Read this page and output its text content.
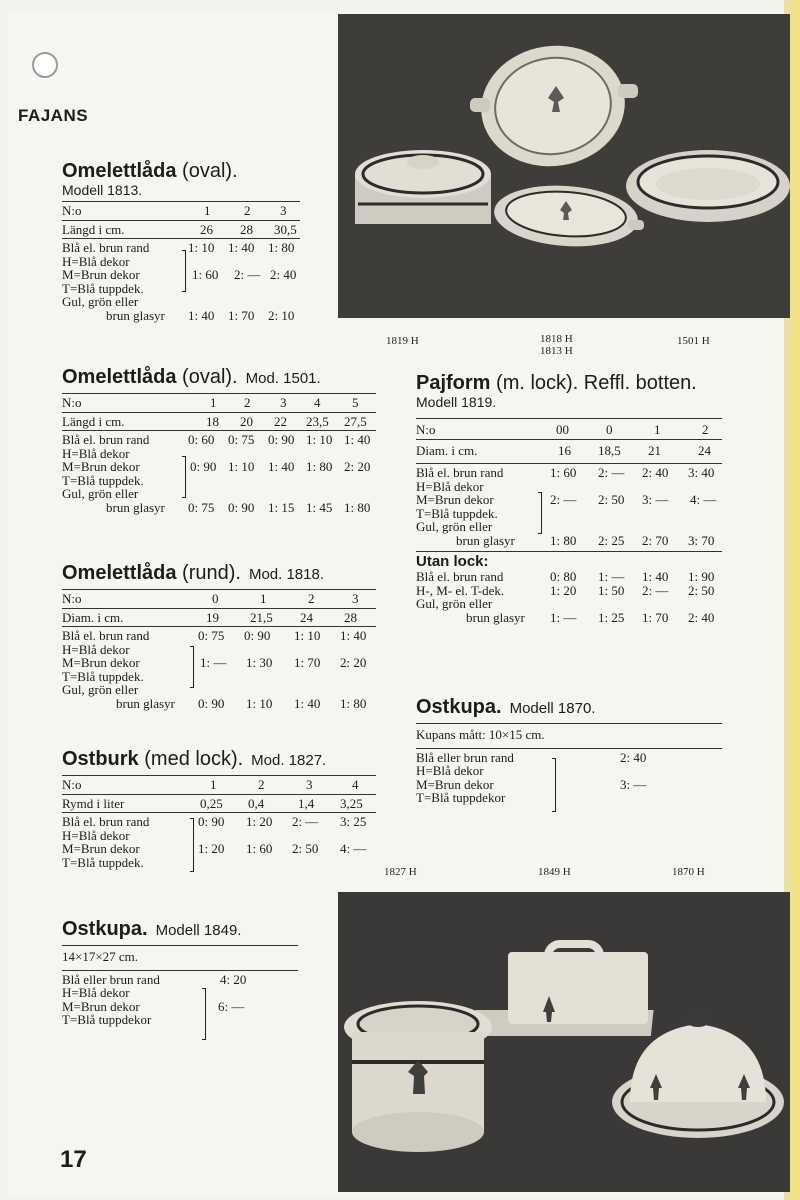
FAJANS
1819 H	1818 H
1813 H
1501 H
Omelettlåda (oval).
Modell 1813.
N:o	1	2 3
Längd i cm.	26 28 30,5
Blå el. brun rand	1: 10 1: 40 1: 80
H=Blå dekor
M=Brun dekor	1: 60 2: — 2: 40
T=Blå tuppdek.
Gul, grön eller
brun glasyr 1: 40 1: 70 2: 10
Omelettlåda (oval). Mod. 1501.
N:o	1 2 3 4 5
Längd i cm.	18 20 22 23,5 27,5
Blå el. brun rand	0: 60 0: 75 0: 90 1: 10 1: 40
H=Blå dekor
M=Brun dekor	0: 90 1: 10 1: 40 1: 80 2: 20
T=Blå tuppdek.
Gul, grön eller
brun glasyr 0: 75 0: 90 1: 15 1: 45 1: 80
Omelettlåda (rund). Mod. 1818.
N:o	0	1	2	3
Diam. i cm.	19 21,5 24 28
Blå el. brun rand	0: 75 0: 90 1: 10 1: 40
H=Blå dekor
M=Brun dekor	1: — 1: 30 1: 70 2: 20
T=Blå tuppdek.
Gul, grön eller
brun glasyr 0: 90 1: 10 1: 40 1: 80
Ostburk (med lock). Mod. 1827.
N:o	1	2	3	4
Rymd i liter	0,25 0,4	1,4 3,25
Blå el. brun rand	0: 90 1: 20 2: — 3: 25
H=Blå dekor
M=Brun dekor	1: 20 1: 60 2: 50 4: —
T=Blå tuppdek.
Ostkupa. Modell 1849.
14×17×27 cm.
Blå eller brun rand	4: 20
H=Blå dekor
M=Brun dekor	6: —
T=Blå tuppdekor
Pajform (m. lock). Reffl. botten.
Modell 1819.
N:o	00	0	1	2
Diam. i cm.	16 18,5 21	24
Blå el. brun rand	1: 60 2: — 2: 40 3: 40
H=Blå dekor
M=Brun dekor	2: — 2: 50 3: — 4: —
T=Blå tuppdek.
Gul, grön eller
brun glasyr	1: 80 2: 25 2: 70 3: 70
Utan lock:
Blå el. brun rand	0: 80 1: — 1: 40 1: 90
H-, M- el. T-dek.	1: 20 1: 50 2: — 2: 50
Gul, grön eller
brun glasyr 1: — 1: 25 1: 70 2: 40
Ostkupa. Modell 1870.
Kupans mått: 10×15 cm.
Blå eller brun rand	2: 40
H=Blå dekor
M=Brun dekor	3: —
T=Blå tuppdekor
1827 H	1849 H	1870 H
17
